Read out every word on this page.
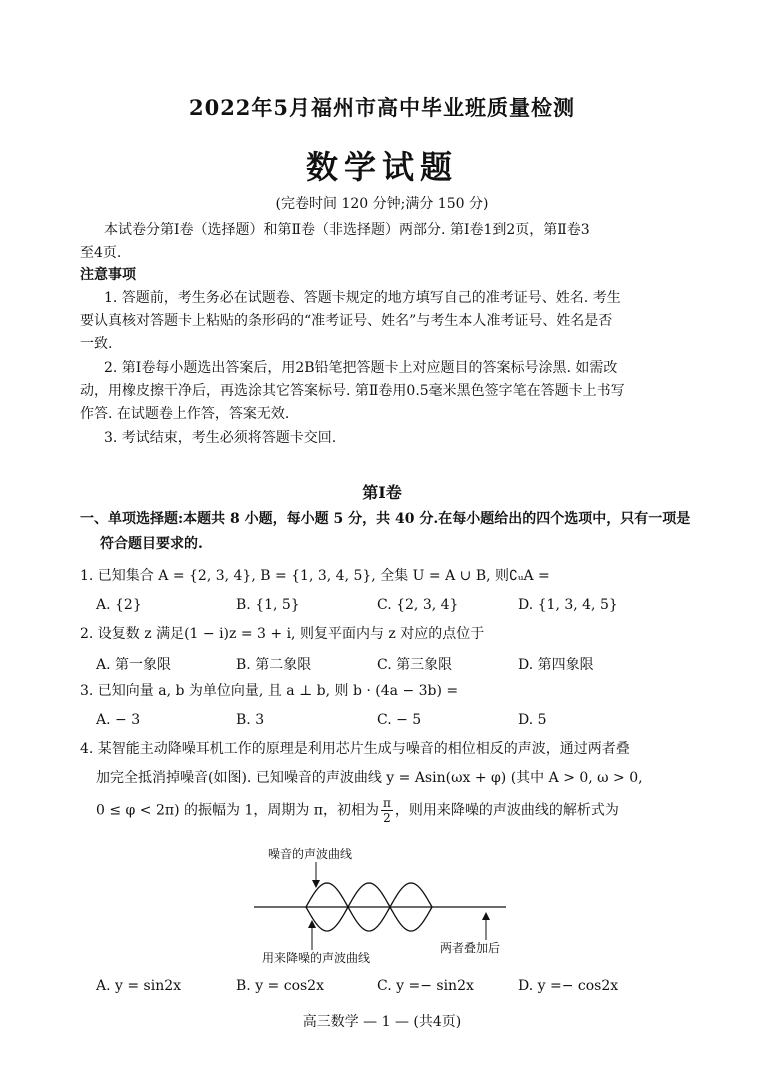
2022年5月福州市高中毕业班质量检测
数学试题
(完卷时间 120 分钟;满分 150 分)
本试卷分第Ⅰ卷（选择题）和第Ⅱ卷（非选择题）两部分. 第Ⅰ卷1到2页，第Ⅱ卷3
至4页.
注意事项
1. 答题前，考生务必在试题卷、答题卡规定的地方填写自己的准考证号、姓名. 考生
要认真核对答题卡上粘贴的条形码的“准考证号、姓名”与考生本人准考证号、姓名是否
一致.
2. 第Ⅰ卷每小题选出答案后，用2B铅笔把答题卡上对应题目的答案标号涂黑. 如需改
动，用橡皮擦干净后，再选涂其它答案标号. 第Ⅱ卷用0.5毫米黑色签字笔在答题卡上书写
作答. 在试题卷上作答，答案无效.
3. 考试结束，考生必须将答题卡交回.
第Ⅰ卷
一、单项选择题:本题共 8 小题，每小题 5 分，共 40 分.在每小题给出的四个选项中，只有一项是
符合题目要求的.
1. 已知集合 A = {2, 3, 4}, B = {1, 3, 4, 5}, 全集 U = A ∪ B, 则∁ᵤA =
A. {2}	B. {1, 5}	C. {2, 3, 4}	D. {1, 3, 4, 5}
2. 设复数 z 满足(1 − i)z = 3 + i, 则复平面内与 z 对应的点位于
A. 第一象限	B. 第二象限	C. 第三象限	D. 第四象限
3. 已知向量 a, b 为单位向量, 且 a ⊥ b, 则 b · (4a − 3b) =
A. − 3	B. 3	C. − 5	D. 5
4. 某智能主动降噪耳机工作的原理是利用芯片生成与噪音的相位相反的声波，通过两者叠
加完全抵消掉噪音(如图). 已知噪音的声波曲线 y = Asin(ωx + φ) (其中 A > 0, ω > 0,
0 ≤ φ < 2π) 的振幅为 1，周期为 π，初相为 $\frac{\pi}{2}$ ，则用来降噪的声波曲线的解析式为
噪音的声波曲线
用来降噪的声波曲线
两者叠加后
A. y = sin2x	B. y = cos2x	C. y =− sin2x	D. y =− cos2x
高三数学 — 1 — (共4页)
